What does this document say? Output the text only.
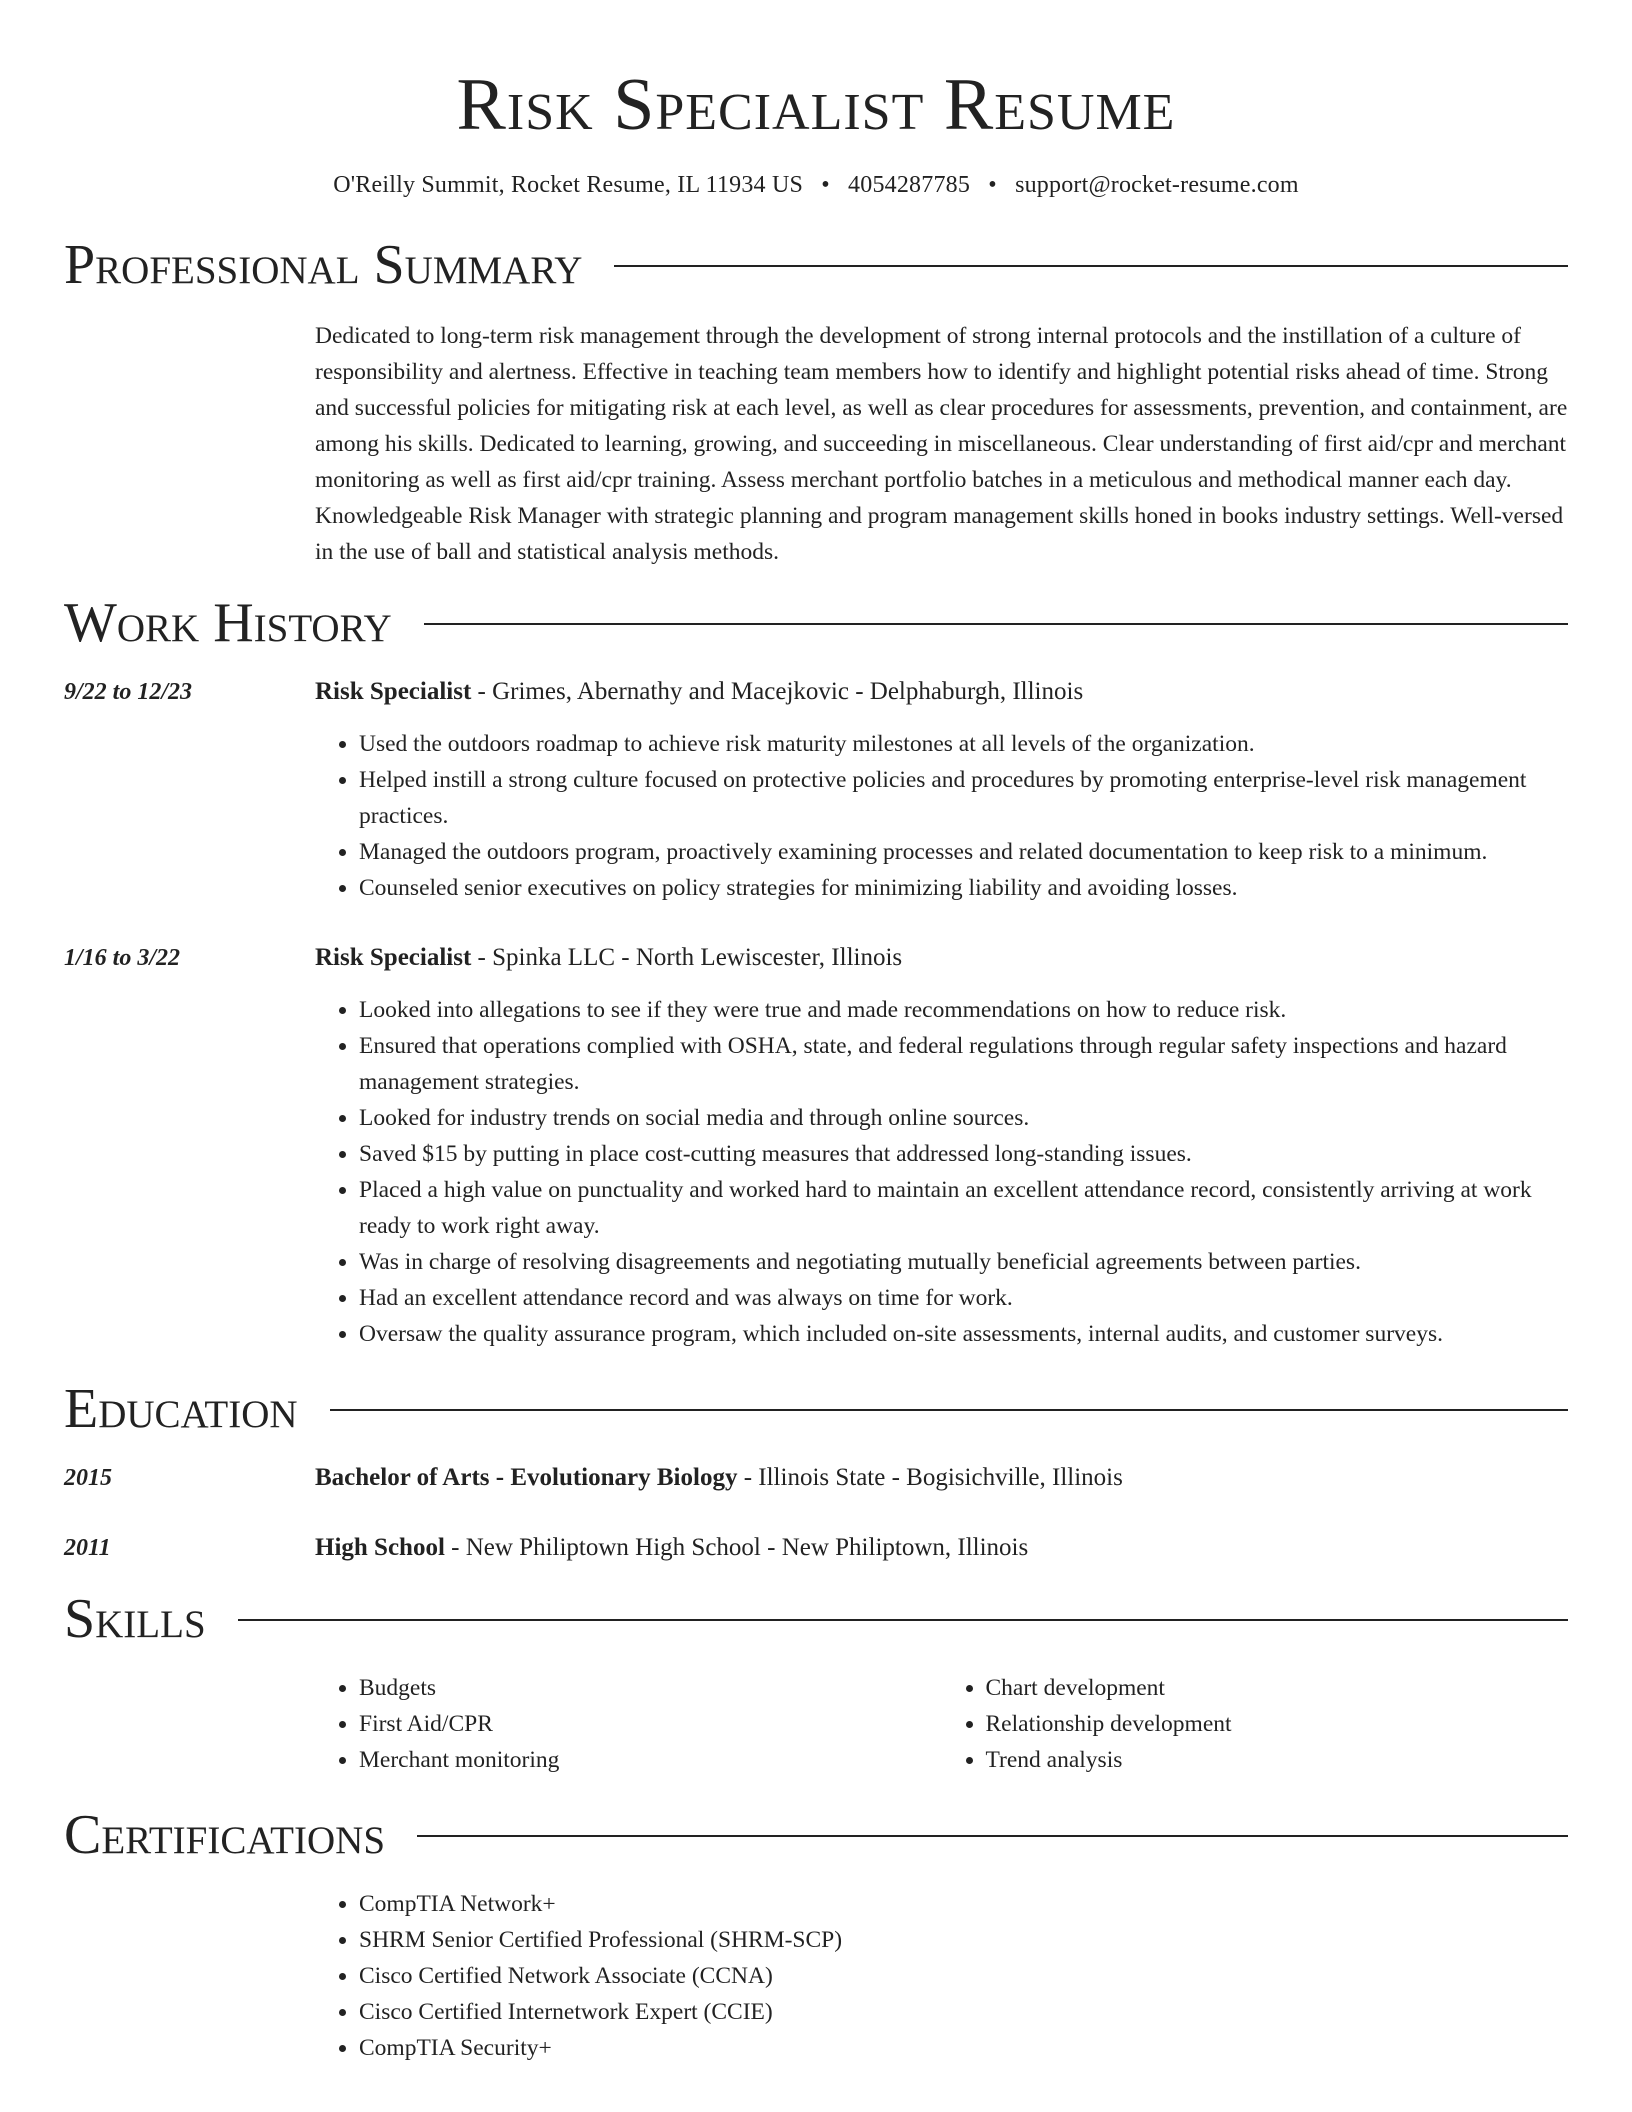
Risk Specialist Resume
O'Reilly Summit, Rocket Resume, IL 11934 US • 4054287785 • support@rocket-resume.com
Professional Summary
Dedicated to long-term risk management through the development of strong internal protocols and the instillation of a culture of responsibility and alertness. Effective in teaching team members how to identify and highlight potential risks ahead of time. Strong and successful policies for mitigating risk at each level, as well as clear procedures for assessments, prevention, and containment, are among his skills. Dedicated to learning, growing, and succeeding in miscellaneous. Clear understanding of first aid/cpr and merchant monitoring as well as first aid/cpr training. Assess merchant portfolio batches in a meticulous and methodical manner each day. Knowledgeable Risk Manager with strategic planning and program management skills honed in books industry settings. Well-versed in the use of ball and statistical analysis methods.
Work History
9/22 to 12/23	Risk Specialist - Grimes, Abernathy and Macejkovic - Delphaburgh, Illinois
• Used the outdoors roadmap to achieve risk maturity milestones at all levels of the organization.
• Helped instill a strong culture focused on protective policies and procedures by promoting enterprise-level risk management practices.
• Managed the outdoors program, proactively examining processes and related documentation to keep risk to a minimum.
• Counseled senior executives on policy strategies for minimizing liability and avoiding losses.
1/16 to 3/22	Risk Specialist - Spinka LLC - North Lewiscester, Illinois
• Looked into allegations to see if they were true and made recommendations on how to reduce risk.
• Ensured that operations complied with OSHA, state, and federal regulations through regular safety inspections and hazard management strategies.
• Looked for industry trends on social media and through online sources.
• Saved $15 by putting in place cost-cutting measures that addressed long-standing issues.
• Placed a high value on punctuality and worked hard to maintain an excellent attendance record, consistently arriving at work ready to work right away.
• Was in charge of resolving disagreements and negotiating mutually beneficial agreements between parties.
• Had an excellent attendance record and was always on time for work.
• Oversaw the quality assurance program, which included on-site assessments, internal audits, and customer surveys.
Education
2015	Bachelor of Arts - Evolutionary Biology - Illinois State - Bogisichville, Illinois
2011	High School - New Philiptown High School - New Philiptown, Illinois
Skills
• Budgets
• First Aid/CPR
• Merchant monitoring
• Chart development
• Relationship development
• Trend analysis
Certifications
• CompTIA Network+
• SHRM Senior Certified Professional (SHRM-SCP)
• Cisco Certified Network Associate (CCNA)
• Cisco Certified Internetwork Expert (CCIE)
• CompTIA Security+
